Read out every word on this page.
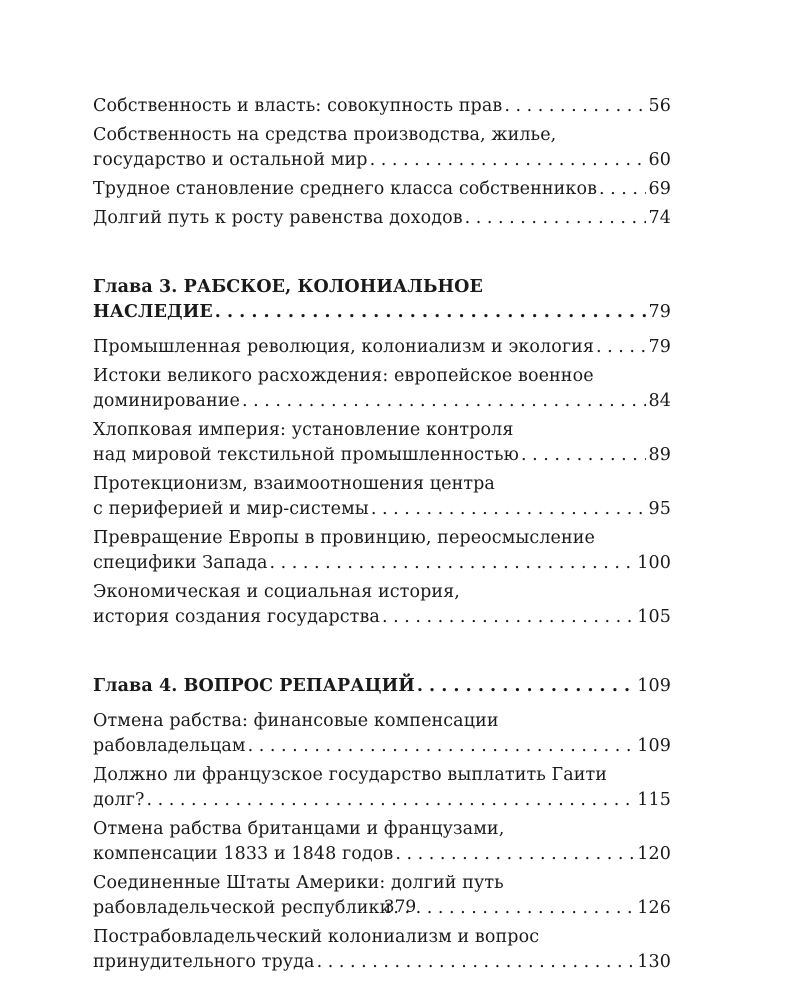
Собственность и власть: совокупность прав . . .	56
Собственность на средства производства, жилье,
государство и остальной мир . . .	60
Трудное становление среднего класса собственников . . .	69
Долгий путь к росту равенства доходов . . .	74
Глава 3. РАБСКОЕ, КОЛОНИАЛЬНОЕ
НАСЛЕДИЕ . . .	79
Промышленная революция, колониализм и экология . . .	79
Истоки великого расхождения: европейское военное
доминирование . . .	84
Хлопковая империя: установление контроля
над мировой текстильной промышленностью . . .	89
Протекционизм, взаимоотношения центра
с периферией и мир-системы . . .	95
Превращение Европы в провинцию, переосмысление
специфики Запада . . .	100
Экономическая и социальная история,
история создания государства . . .	105
Глава 4. ВОПРОС РЕПАРАЦИЙ . . .	109
Отмена рабства: финансовые компенсации
рабовладельцам . . .	109
Должно ли французское государство выплатить Гаити
долг? . . .	115
Отмена рабства британцами и французами,
компенсации 1833 и 1848 годов . . .	120
Соединенные Штаты Америки: долгий путь
рабовладельческой республики . . .	126
Пострабовладельческий колониализм и вопрос
принудительного труда . . .	130
379
